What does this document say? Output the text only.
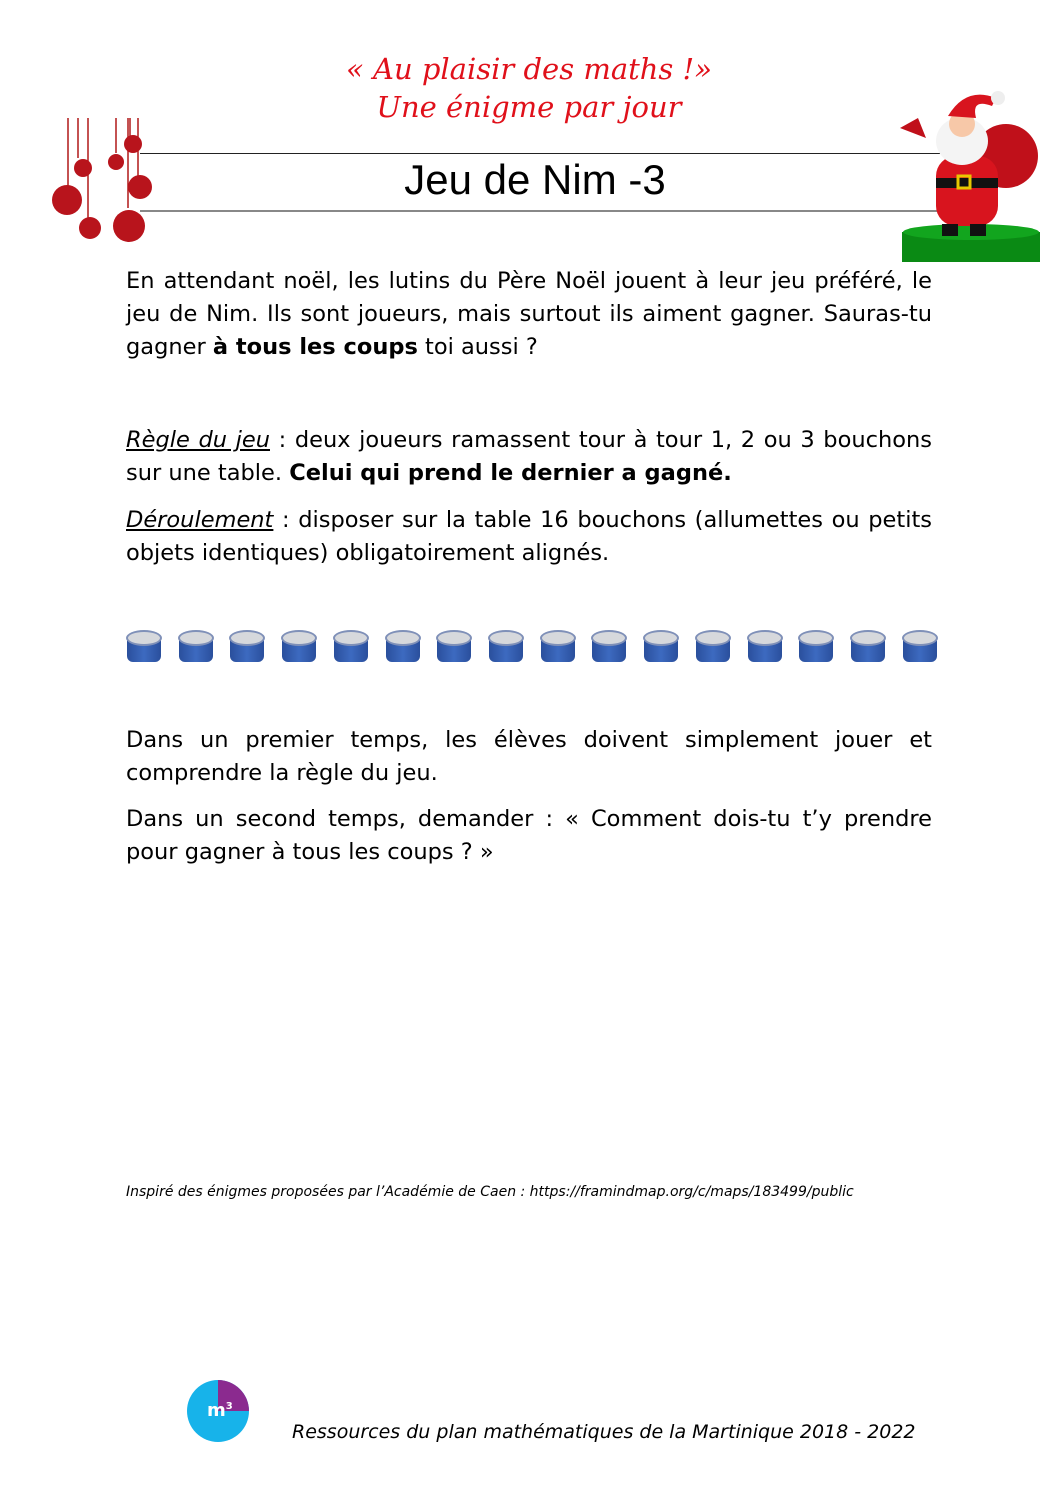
« Au plaisir des maths !»
Une énigme par jour
Jeu de Nim -3
En attendant noël, les lutins du Père Noël jouent à leur jeu préféré, le jeu de Nim. Ils sont joueurs, mais surtout ils aiment gagner. Sauras-tu gagner à tous les coups toi aussi ?
Règle du jeu : deux joueurs ramassent tour à tour 1, 2 ou 3 bouchons sur une table. Celui qui prend le dernier a gagné.
Déroulement : disposer sur la table 16 bouchons (allumettes ou petits objets identiques) obligatoirement alignés.
Dans un premier temps, les élèves doivent simplement jouer et comprendre la règle du jeu.
Dans un second temps, demander : « Comment dois-tu t’y prendre pour gagner à tous les coups ? »
Inspiré des énigmes proposées par l’Académie de Caen : https://framindmap.org/c/maps/183499/public
$m^3$
Ressources du plan mathématiques de la Martinique 2018 - 2022
